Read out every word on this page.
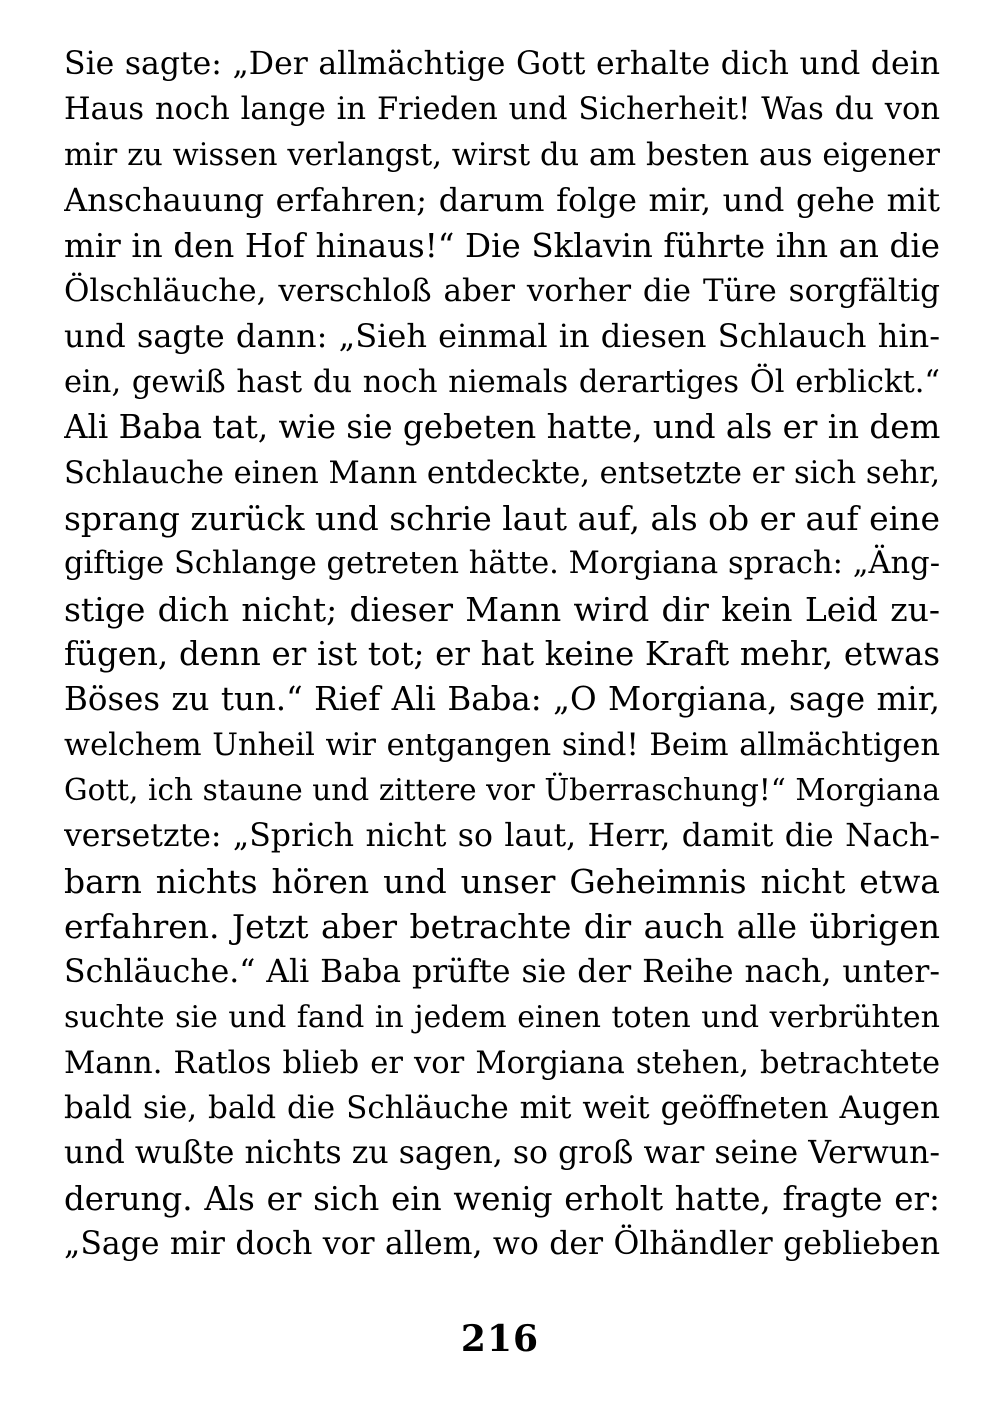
Sie sagte: „Der allmächtige Gott erhalte dich und dein
Haus noch lange in Frieden und Sicherheit! Was du von
mir zu wissen verlangst, wirst du am besten aus eigener
Anschauung erfahren; darum folge mir, und gehe mit
mir in den Hof hinaus!“ Die Sklavin führte ihn an die
Ölschläuche, verschloß aber vorher die Türe sorgfältig
und sagte dann: „Sieh einmal in diesen Schlauch hin-
ein, gewiß hast du noch niemals derartiges Öl erblickt.“
Ali Baba tat, wie sie gebeten hatte, und als er in dem
Schlauche einen Mann entdeckte, entsetzte er sich sehr,
sprang zurück und schrie laut auf, als ob er auf eine
giftige Schlange getreten hätte. Morgiana sprach: „Äng-
stige dich nicht; dieser Mann wird dir kein Leid zu-
fügen, denn er ist tot; er hat keine Kraft mehr, etwas
Böses zu tun.“ Rief Ali Baba: „O Morgiana, sage mir,
welchem Unheil wir entgangen sind! Beim allmächtigen
Gott, ich staune und zittere vor Überraschung!“ Morgiana
versetzte: „Sprich nicht so laut, Herr, damit die Nach-
barn nichts hören und unser Geheimnis nicht etwa
erfahren. Jetzt aber betrachte dir auch alle übrigen
Schläuche.“ Ali Baba prüfte sie der Reihe nach, unter-
suchte sie und fand in jedem einen toten und verbrühten
Mann. Ratlos blieb er vor Morgiana stehen, betrachtete
bald sie, bald die Schläuche mit weit geöffneten Augen
und wußte nichts zu sagen, so groß war seine Verwun-
derung. Als er sich ein wenig erholt hatte, fragte er:
„Sage mir doch vor allem, wo der Ölhändler geblieben
216
